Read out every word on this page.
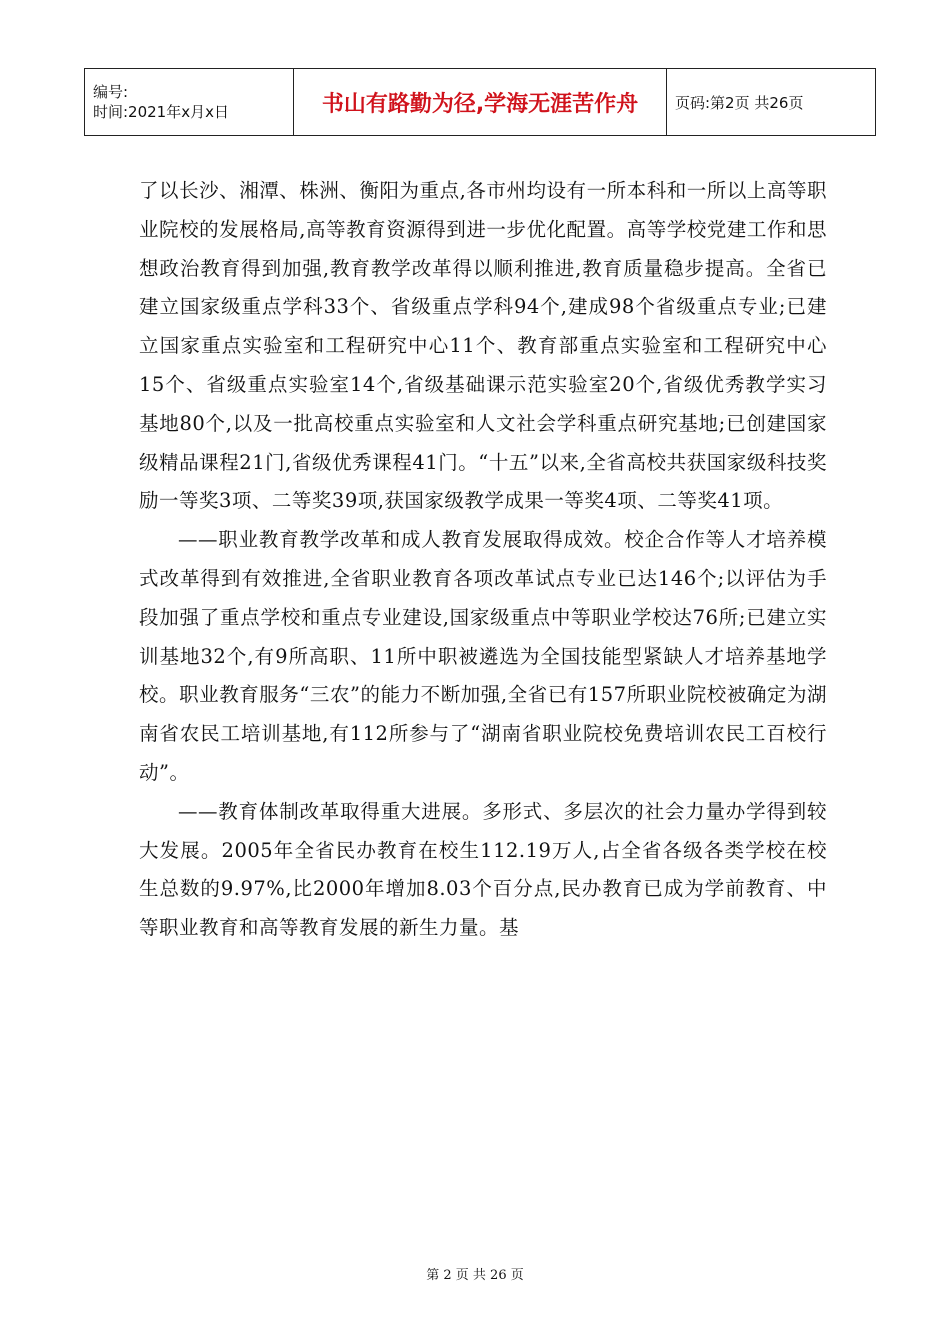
编号:
时间:2021年x月x日	书山有路勤为径,学海无涯苦作舟	页码:第2页 共26页

了以长沙、湘潭、株洲、衡阳为重点,各市州均设有一所本科和一所以上高等职业院校的发展格局,高等教育资源得到进一步优化配置。高等学校党建工作和思想政治教育得到加强,教育教学改革得以顺利推进,教育质量稳步提高。全省已建立国家级重点学科33个、省级重点学科94个,建成98个省级重点专业;已建立国家重点实验室和工程研究中心11个、教育部重点实验室和工程研究中心15个、省级重点实验室14个,省级基础课示范实验室20个,省级优秀教学实习基地80个,以及一批高校重点实验室和人文社会学科重点研究基地;已创建国家级精品课程21门,省级优秀课程41门。“十五”以来,全省高校共获国家级科技奖励一等奖3项、二等奖39项,获国家级教学成果一等奖4项、二等奖41项。

——职业教育教学改革和成人教育发展取得成效。校企合作等人才培养模式改革得到有效推进,全省职业教育各项改革试点专业已达146个;以评估为手段加强了重点学校和重点专业建设,国家级重点中等职业学校达76所;已建立实训基地32个,有9所高职、11所中职被遴选为全国技能型紧缺人才培养基地学校。职业教育服务“三农”的能力不断加强,全省已有157所职业院校被确定为湖南省农民工培训基地,有112所参与了“湖南省职业院校免费培训农民工百校行动”。

——教育体制改革取得重大进展。多形式、多层次的社会力量办学得到较大发展。2005年全省民办教育在校生112.19万人,占全省各级各类学校在校生总数的9.97%,比2000年增加8.03个百分点,民办教育已成为学前教育、中等职业教育和高等教育发展的新生力量。基

第 2 页 共 26 页
